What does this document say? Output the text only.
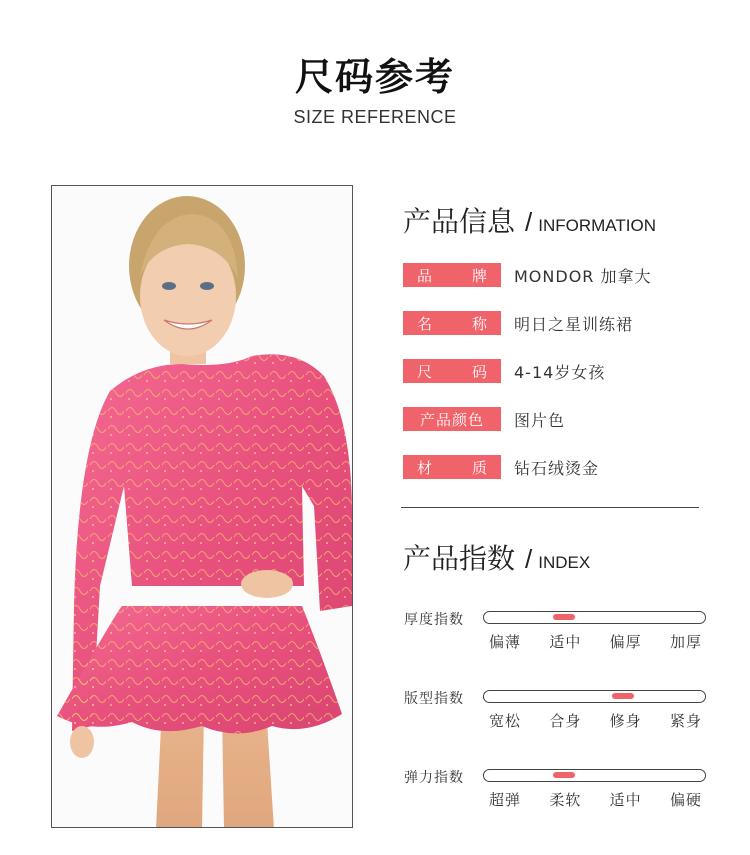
尺码参考
SIZE REFERENCE
产品信息 / INFORMATION
品	牌 MONDOR 加拿大
名	称 明日之星训练裙
尺	码 4-14岁女孩
产品颜色	图片色
材	质 钻石绒烫金
产品指数 / INDEX
厚度指数
偏薄 适中 偏厚 加厚
版型指数
宽松 合身 修身 紧身
弹力指数
超弹 柔软 适中 偏硬
